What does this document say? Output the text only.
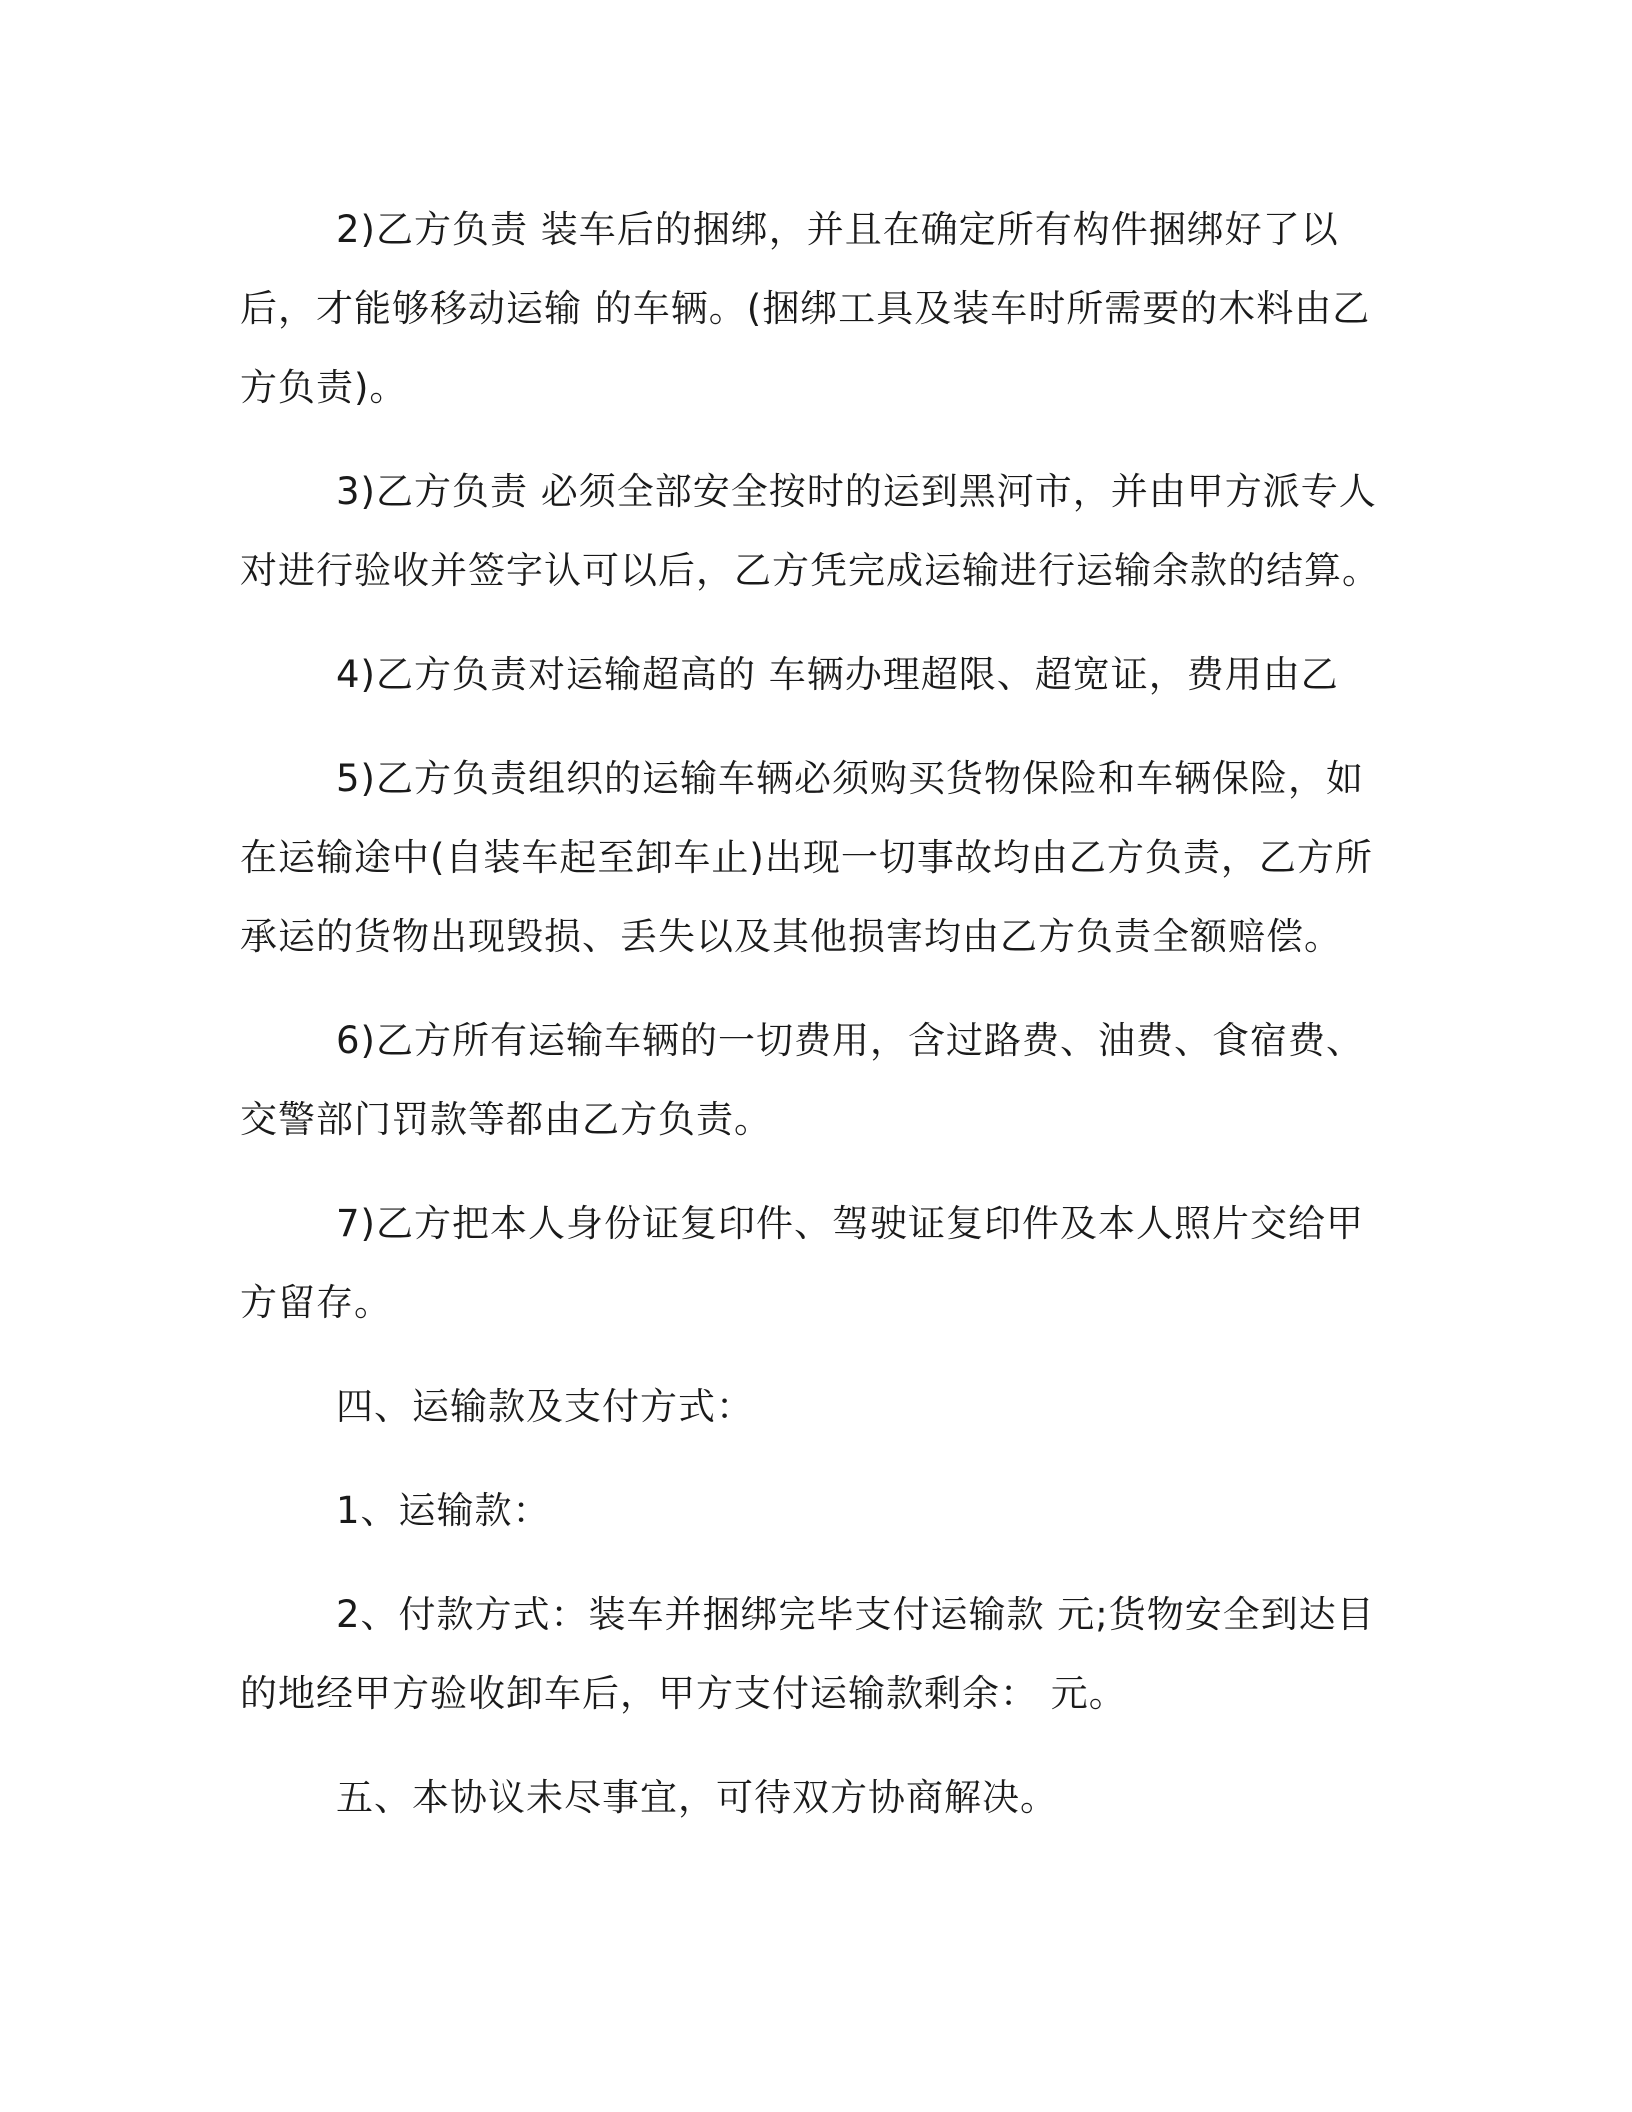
2)乙方负责 装车后的捆绑，并且在确定所有构件捆绑好了以后，才能够移动运输 的车辆。(捆绑工具及装车时所需要的木料由乙方负责)。

3)乙方负责 必须全部安全按时的运到黑河市，并由甲方派专人对进行验收并签字认可以后，乙方凭完成运输进行运输余款的结算。

4)乙方负责对运输超高的 车辆办理超限、超宽证，费用由乙

5)乙方负责组织的运输车辆必须购买货物保险和车辆保险，如在运输途中(自装车起至卸车止)出现一切事故均由乙方负责，乙方所承运的货物出现毁损、丢失以及其他损害均由乙方负责全额赔偿。

6)乙方所有运输车辆的一切费用，含过路费、油费、食宿费、交警部门罚款等都由乙方负责。

7)乙方把本人身份证复印件、驾驶证复印件及本人照片交给甲方留存。

四、运输款及支付方式：

1、运输款：

2、付款方式：装车并捆绑完毕支付运输款 元;货物安全到达目的地经甲方验收卸车后，甲方支付运输款剩余： 元。

五、本协议未尽事宜，可待双方协商解决。
